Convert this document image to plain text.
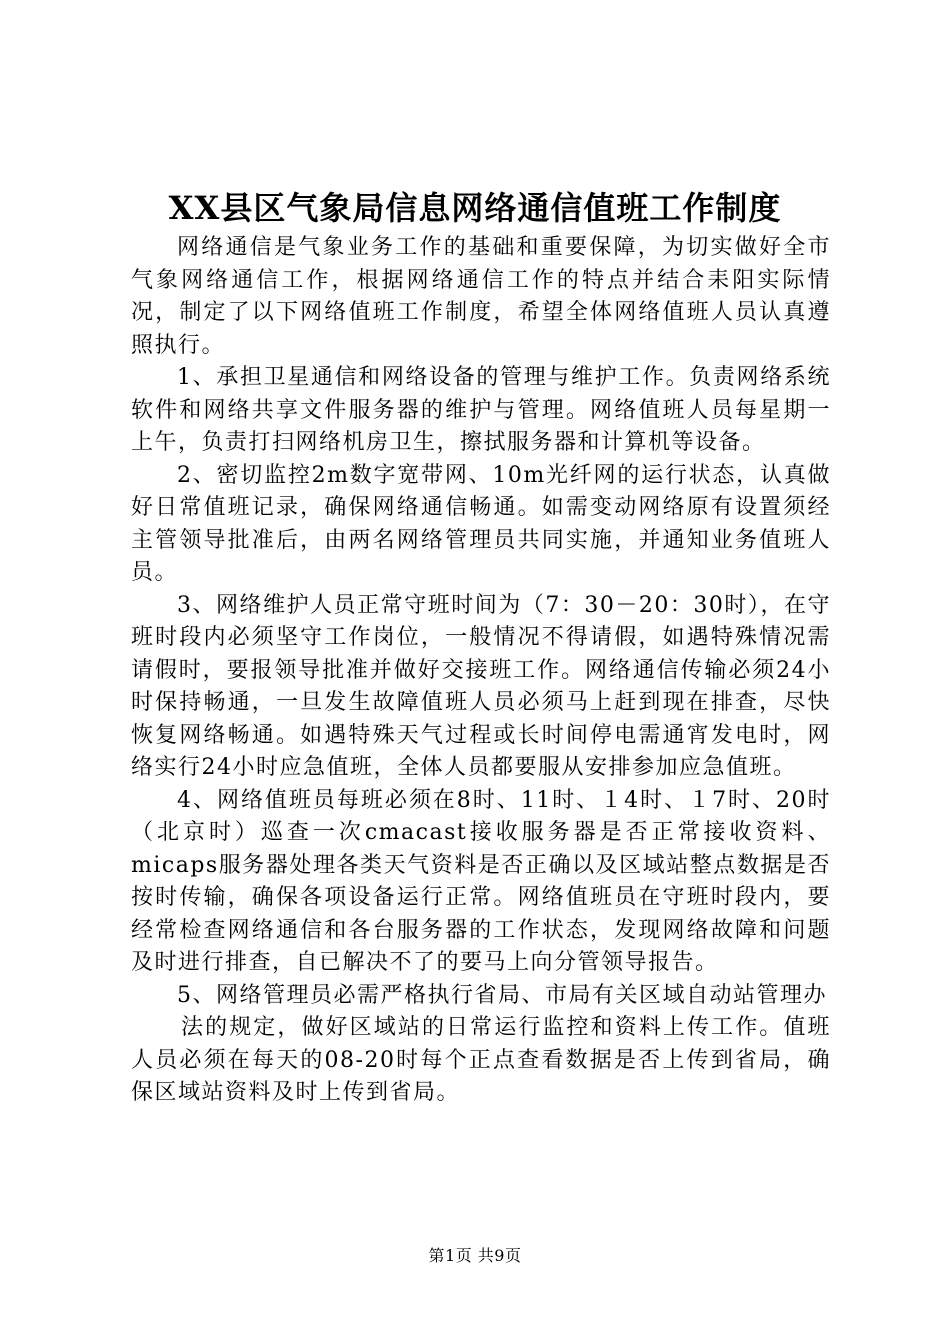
XX县区气象局信息网络通信值班工作制度

网络通信是气象业务工作的基础和重要保障，为切实做好全市气象网络通信工作，根据网络通信工作的特点并结合耒阳实际情况，制定了以下网络值班工作制度，希望全体网络值班人员认真遵照执行。

1、承担卫星通信和网络设备的管理与维护工作。负责网络系统软件和网络共享文件服务器的维护与管理。网络值班人员每星期一上午，负责打扫网络机房卫生，擦拭服务器和计算机等设备。

2、密切监控2m数字宽带网、10m光纤网的运行状态，认真做好日常值班记录，确保网络通信畅通。如需变动网络原有设置须经主管领导批准后，由两名网络管理员共同实施，并通知业务值班人员。

3、网络维护人员正常守班时间为（7：30－20：30时），在守班时段内必须坚守工作岗位，一般情况不得请假，如遇特殊情况需请假时，要报领导批准并做好交接班工作。网络通信传输必须24小时保持畅通，一旦发生故障值班人员必须马上赶到现在排查，尽快恢复网络畅通。如遇特殊天气过程或长时间停电需通宵发电时，网络实行24小时应急值班，全体人员都要服从安排参加应急值班。

4、网络值班员每班必须在8时、11时、１4时、１7时、20时（北京时）巡查一次cmacast接收服务器是否正常接收资料、micaps服务器处理各类天气资料是否正确以及区域站整点数据是否按时传输，确保各项设备运行正常。网络值班员在守班时段内，要经常检查网络通信和各台服务器的工作状态，发现网络故障和问题及时进行排查，自已解决不了的要马上向分管领导报告。

5、网络管理员必需严格执行省局、市局有关区域自动站管理办

法的规定，做好区域站的日常运行监控和资料上传工作。值班人员必须在每天的08-20时每个正点查看数据是否上传到省局，确保区域站资料及时上传到省局。

第1页 共9页
